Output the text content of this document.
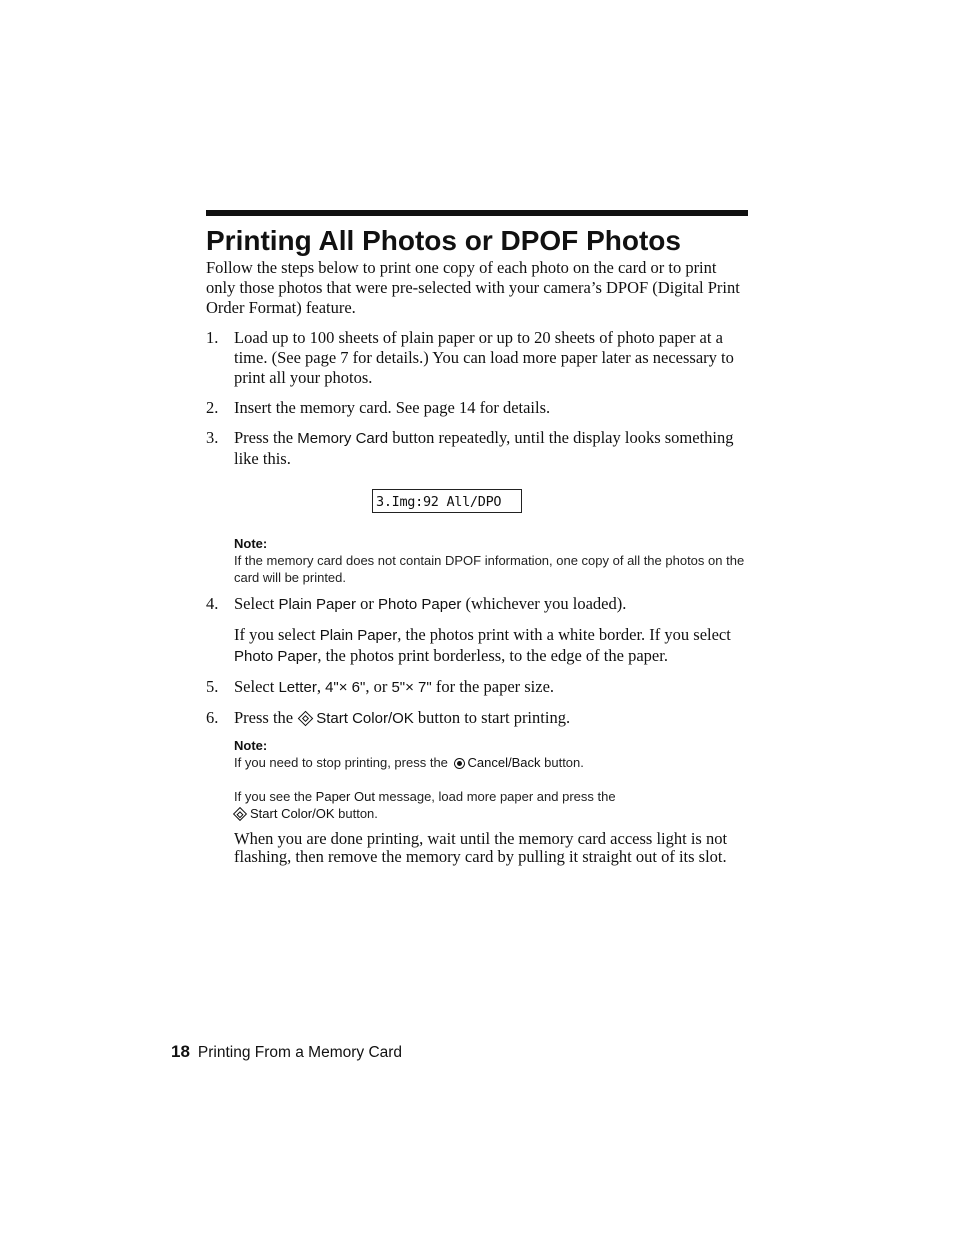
Printing All Photos or DPOF Photos

Follow the steps below to print one copy of each photo on the card or to print only those photos that were pre-selected with your camera’s DPOF (Digital Print Order Format) feature.

1. Load up to 100 sheets of plain paper or up to 20 sheets of photo paper at a time. (See page 7 for details.) You can load more paper later as necessary to print all your photos.
2. Insert the memory card. See page 14 for details.
3. Press the Memory Card button repeatedly, until the display looks something like this.
3.Img:92 All/DPO
Note:
If the memory card does not contain DPOF information, one copy of all the photos on the card will be printed.
4. Select Plain Paper or Photo Paper (whichever you loaded).
If you select Plain Paper, the photos print with a white border. If you select Photo Paper, the photos print borderless, to the edge of the paper.
5. Select Letter, 4"× 6", or 5"× 7" for the paper size.
6. Press the Start Color/OK button to start printing.
Note:
If you need to stop printing, press the Cancel/Back button.
If you see the Paper Out message, load more paper and press the
Start Color/OK button.
When you are done printing, wait until the memory card access light is not flashing, then remove the memory card by pulling it straight out of its slot.
18 Printing From a Memory Card
